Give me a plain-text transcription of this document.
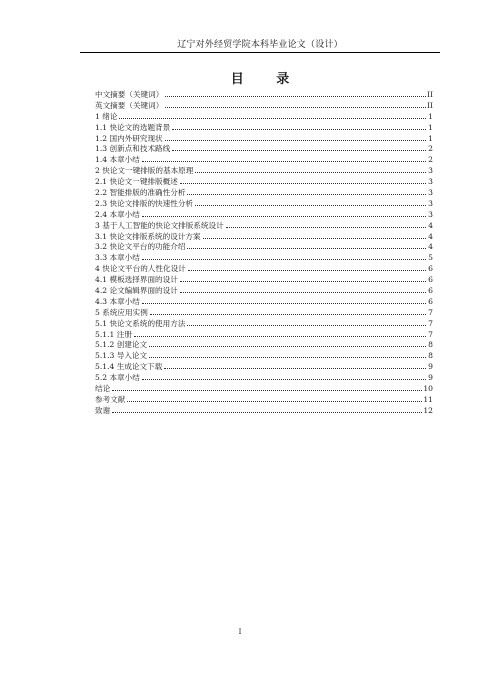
辽宁对外经贸学院本科毕业论文（设计）
目 录
中文摘要（关键词）	II
英文摘要（关键词）	II
1 绪论	1
1.1 快论文的选题背景	1
1.2 国内外研究现状	1
1.3 创新点和技术路线	2
1.4 本章小结	2
2 快论文一键排版的基本原理	3
2.1 快论文一键排版概述	3
2.2 智能排版的准确性分析	3
2.3 快论文排版的快速性分析	3
2.4 本章小结	3
3 基于人工智能的快论文排版系统设计	4
3.1 快论文排版系统的设计方案	4
3.2 快论文平台的功能介绍	4
3.3 本章小结	5
4 快论文平台的人性化设计	6
4.1 模板选择界面的设计	6
4.2 论文编辑界面的设计	6
4.3 本章小结	6
5 系统应用实例	7
5.1 快论文系统的使用方法	7
5.1.1 注册	7
5.1.2 创建论文	8
5.1.3 导入论文	8
5.1.4 生成论文下载	9
5.2 本章小结	9
结论	10
参考文献	11
致谢	12
I
